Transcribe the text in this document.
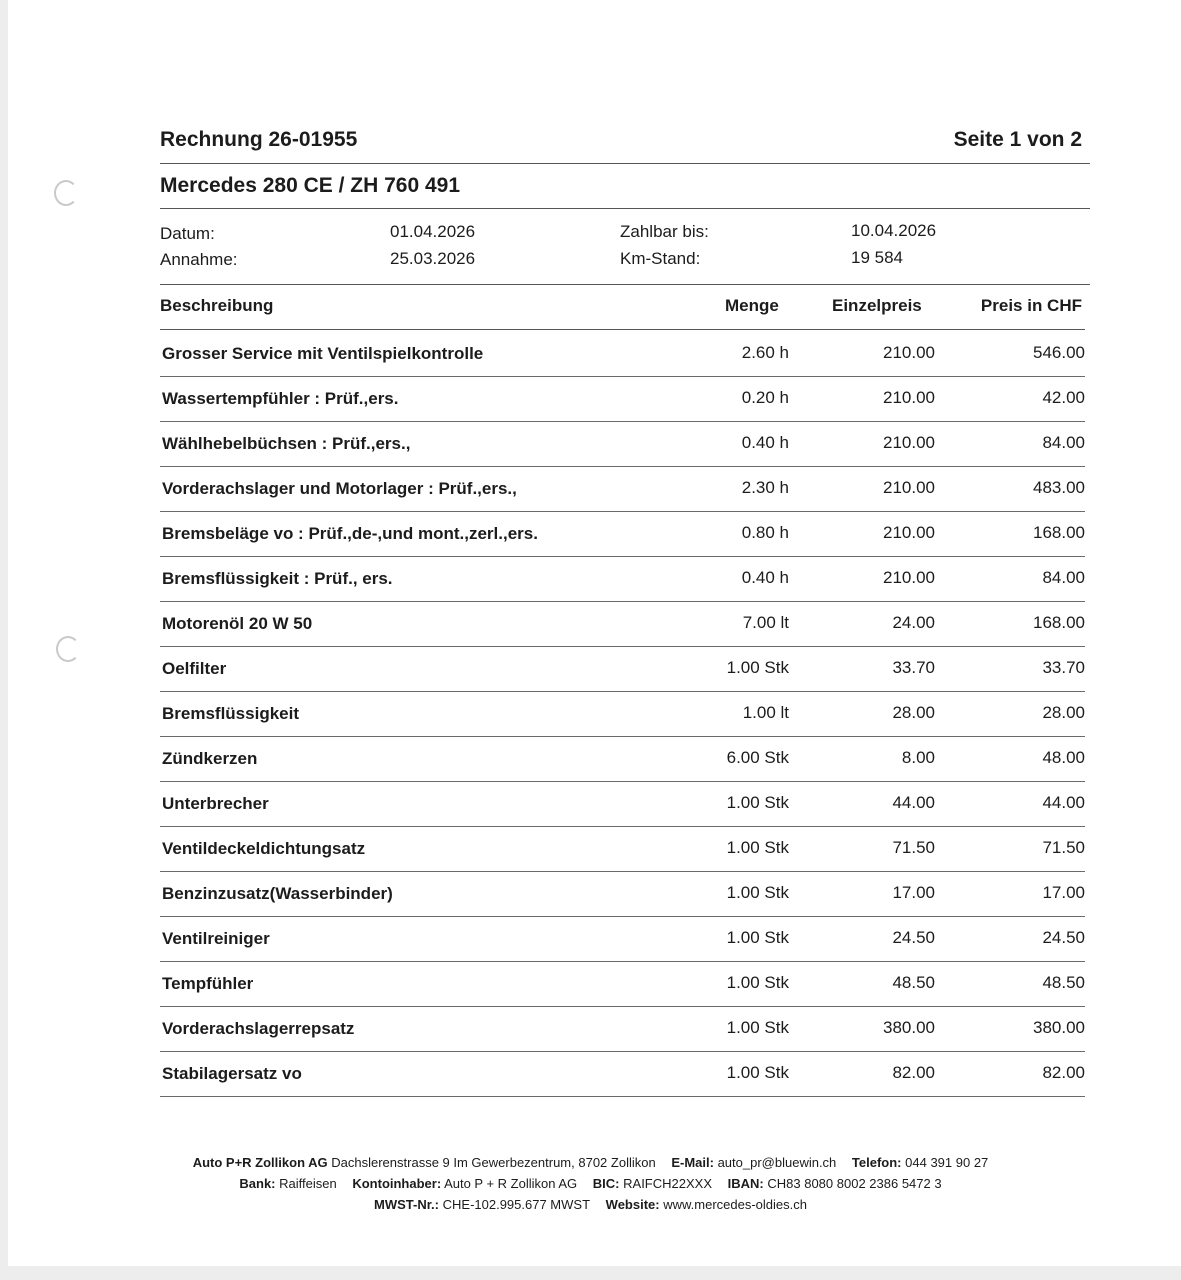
Rechnung 26-01955	Seite 1 von 2
Mercedes 280 CE / ZH 760 491
Datum:	01.04.2026	Zahlbar bis:	10.04.2026
Annahme:	25.03.2026	Km-Stand:	19 584
Beschreibung	Menge	Einzelpreis	Preis in CHF
Grosser Service mit Ventilspielkontrolle	2.60 h	210.00	546.00
Wassertempfühler : Prüf.,ers.	0.20 h	210.00	42.00
Wählhebelbüchsen : Prüf.,ers.,	0.40 h	210.00	84.00
Vorderachslager und Motorlager : Prüf.,ers.,	2.30 h	210.00	483.00
Bremsbeläge vo : Prüf.,de-,und mont.,zerl.,ers.	0.80 h	210.00	168.00
Bremsflüssigkeit : Prüf., ers.	0.40 h	210.00	84.00
Motorenöl 20 W 50	7.00 lt	24.00	168.00
Oelfilter	1.00 Stk	33.70	33.70
Bremsflüssigkeit	1.00 lt	28.00	28.00
Zündkerzen	6.00 Stk	8.00	48.00
Unterbrecher	1.00 Stk	44.00	44.00
Ventildeckeldichtungsatz	1.00 Stk	71.50	71.50
Benzinzusatz(Wasserbinder)	1.00 Stk	17.00	17.00
Ventilreiniger	1.00 Stk	24.50	24.50
Tempfühler	1.00 Stk	48.50	48.50
Vorderachslagerrepsatz	1.00 Stk	380.00	380.00
Stabilagersatz vo	1.00 Stk	82.00	82.00
Auto P+R Zollikon AG Dachslerenstrasse 9 Im Gewerbezentrum, 8702 Zollikon E-Mail: auto_pr@bluewin.ch Telefon: 044 391 90 27
Bank: Raiffeisen Kontoinhaber: Auto P + R Zollikon AG BIC: RAIFCH22XXX IBAN: CH83 8080 8002 2386 5472 3
MWST-Nr.: CHE-102.995.677 MWST Website: www.mercedes-oldies.ch
